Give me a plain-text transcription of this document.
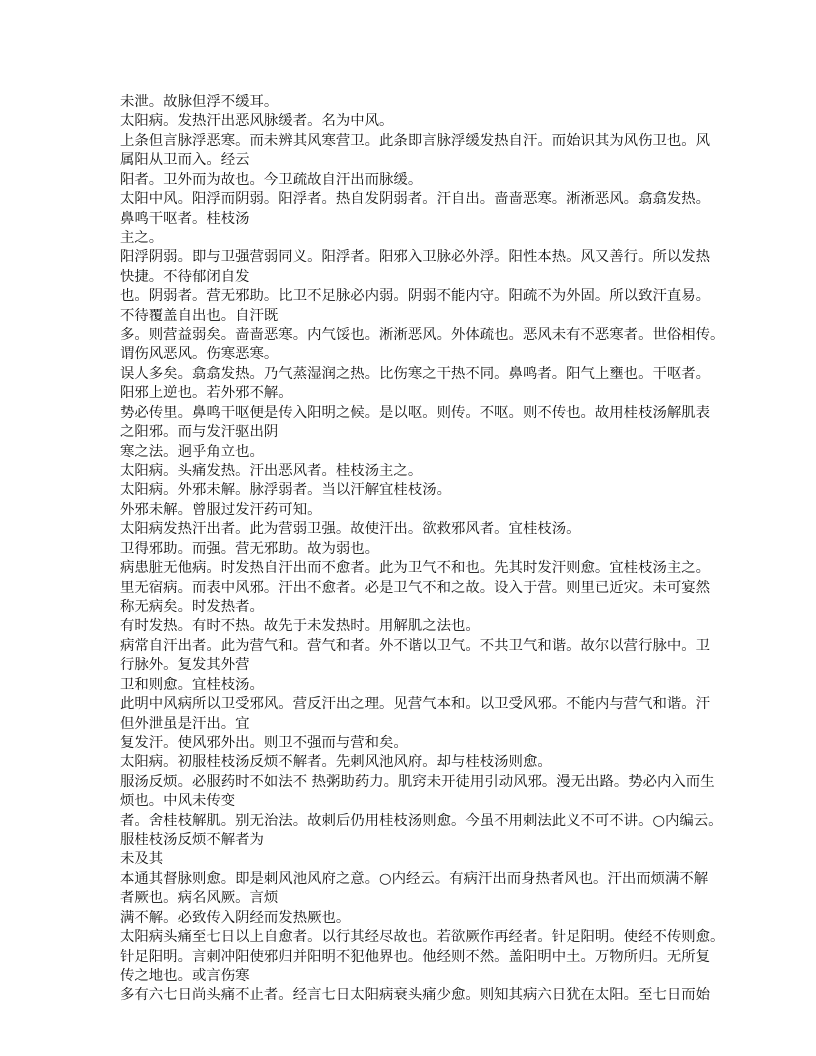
未泄。故脉但浮不缓耳。
太阳病。发热汗出恶风脉缓者。名为中风。
上条但言脉浮恶寒。而未辨其风寒营卫。此条即言脉浮缓发热自汗。而始识其为风伤卫也。风
属阳从卫而入。经云
阳者。卫外而为故也。今卫疏故自汗出而脉缓。
太阳中风。阳浮而阴弱。阳浮者。热自发阴弱者。汗自出。啬啬恶寒。淅淅恶风。翕翕发热。
鼻鸣干呕者。桂枝汤
主之。
阳浮阴弱。即与卫强营弱同义。阳浮者。阳邪入卫脉必外浮。阳性本热。风又善行。所以发热
快捷。不待郁闭自发
也。阴弱者。营无邪助。比卫不足脉必内弱。阴弱不能内守。阳疏不为外固。所以致汗直易。
不待覆盖自出也。自汗既
多。则营益弱矣。啬啬恶寒。内气馁也。淅淅恶风。外体疏也。恶风未有不恶寒者。世俗相传。
谓伤风恶风。伤寒恶寒。
误人多矣。翕翕发热。乃气蒸湿润之热。比伤寒之干热不同。鼻鸣者。阳气上壅也。干呕者。
阳邪上逆也。若外邪不解。
势必传里。鼻鸣干呕便是传入阳明之候。是以呕。则传。不呕。则不传也。故用桂枝汤解肌表
之阳邪。而与发汗驱出阴
寒之法。迥乎角立也。
太阳病。头痛发热。汗出恶风者。桂枝汤主之。
太阳病。外邪未解。脉浮弱者。当以汗解宜桂枝汤。
外邪未解。曾服过发汗药可知。
太阳病发热汗出者。此为营弱卫强。故使汗出。欲救邪风者。宜桂枝汤。
卫得邪助。而强。营无邪助。故为弱也。
病患脏无他病。时发热自汗出而不愈者。此为卫气不和也。先其时发汗则愈。宜桂枝汤主之。
里无宿病。而表中风邪。汗出不愈者。必是卫气不和之故。设入于营。则里已近灾。未可宴然
称无病矣。时发热者。
有时发热。有时不热。故先于未发热时。用解肌之法也。
病常自汗出者。此为营气和。营气和者。外不谐以卫气。不共卫气和谐。故尔以营行脉中。卫
行脉外。复发其外营
卫和则愈。宜桂枝汤。
此明中风病所以卫受邪风。营反汗出之理。见营气本和。以卫受风邪。不能内与营气和谐。汗
但外泄虽是汗出。宜
复发汗。使风邪外出。则卫不强而与营和矣。
太阳病。初服桂枝汤反烦不解者。先刺风池风府。却与桂枝汤则愈。
服汤反烦。必服药时不如法不 热粥助药力。肌窍未开徒用引动风邪。漫无出路。势必内入而生
烦也。中风未传变
者。舍桂枝解肌。别无治法。故刺后仍用桂枝汤则愈。今虽不用刺法此义不可不讲。○内编云。
服桂枝汤反烦不解者为
未及其
本通其督脉则愈。即是刺风池风府之意。○内经云。有病汗出而身热者风也。汗出而烦满不解
者厥也。病名风厥。言烦
满不解。必致传入阴经而发热厥也。
太阳病头痛至七日以上自愈者。以行其经尽故也。若欲厥作再经者。针足阳明。使经不传则愈。
针足阳明。言刺冲阳使邪归并阳明不犯他界也。他经则不然。盖阳明中土。万物所归。无所复
传之地也。或言伤寒
多有六七日尚头痛不止者。经言七日太阳病衰头痛少愈。则知其病六日犹在太阳。至七日而始
